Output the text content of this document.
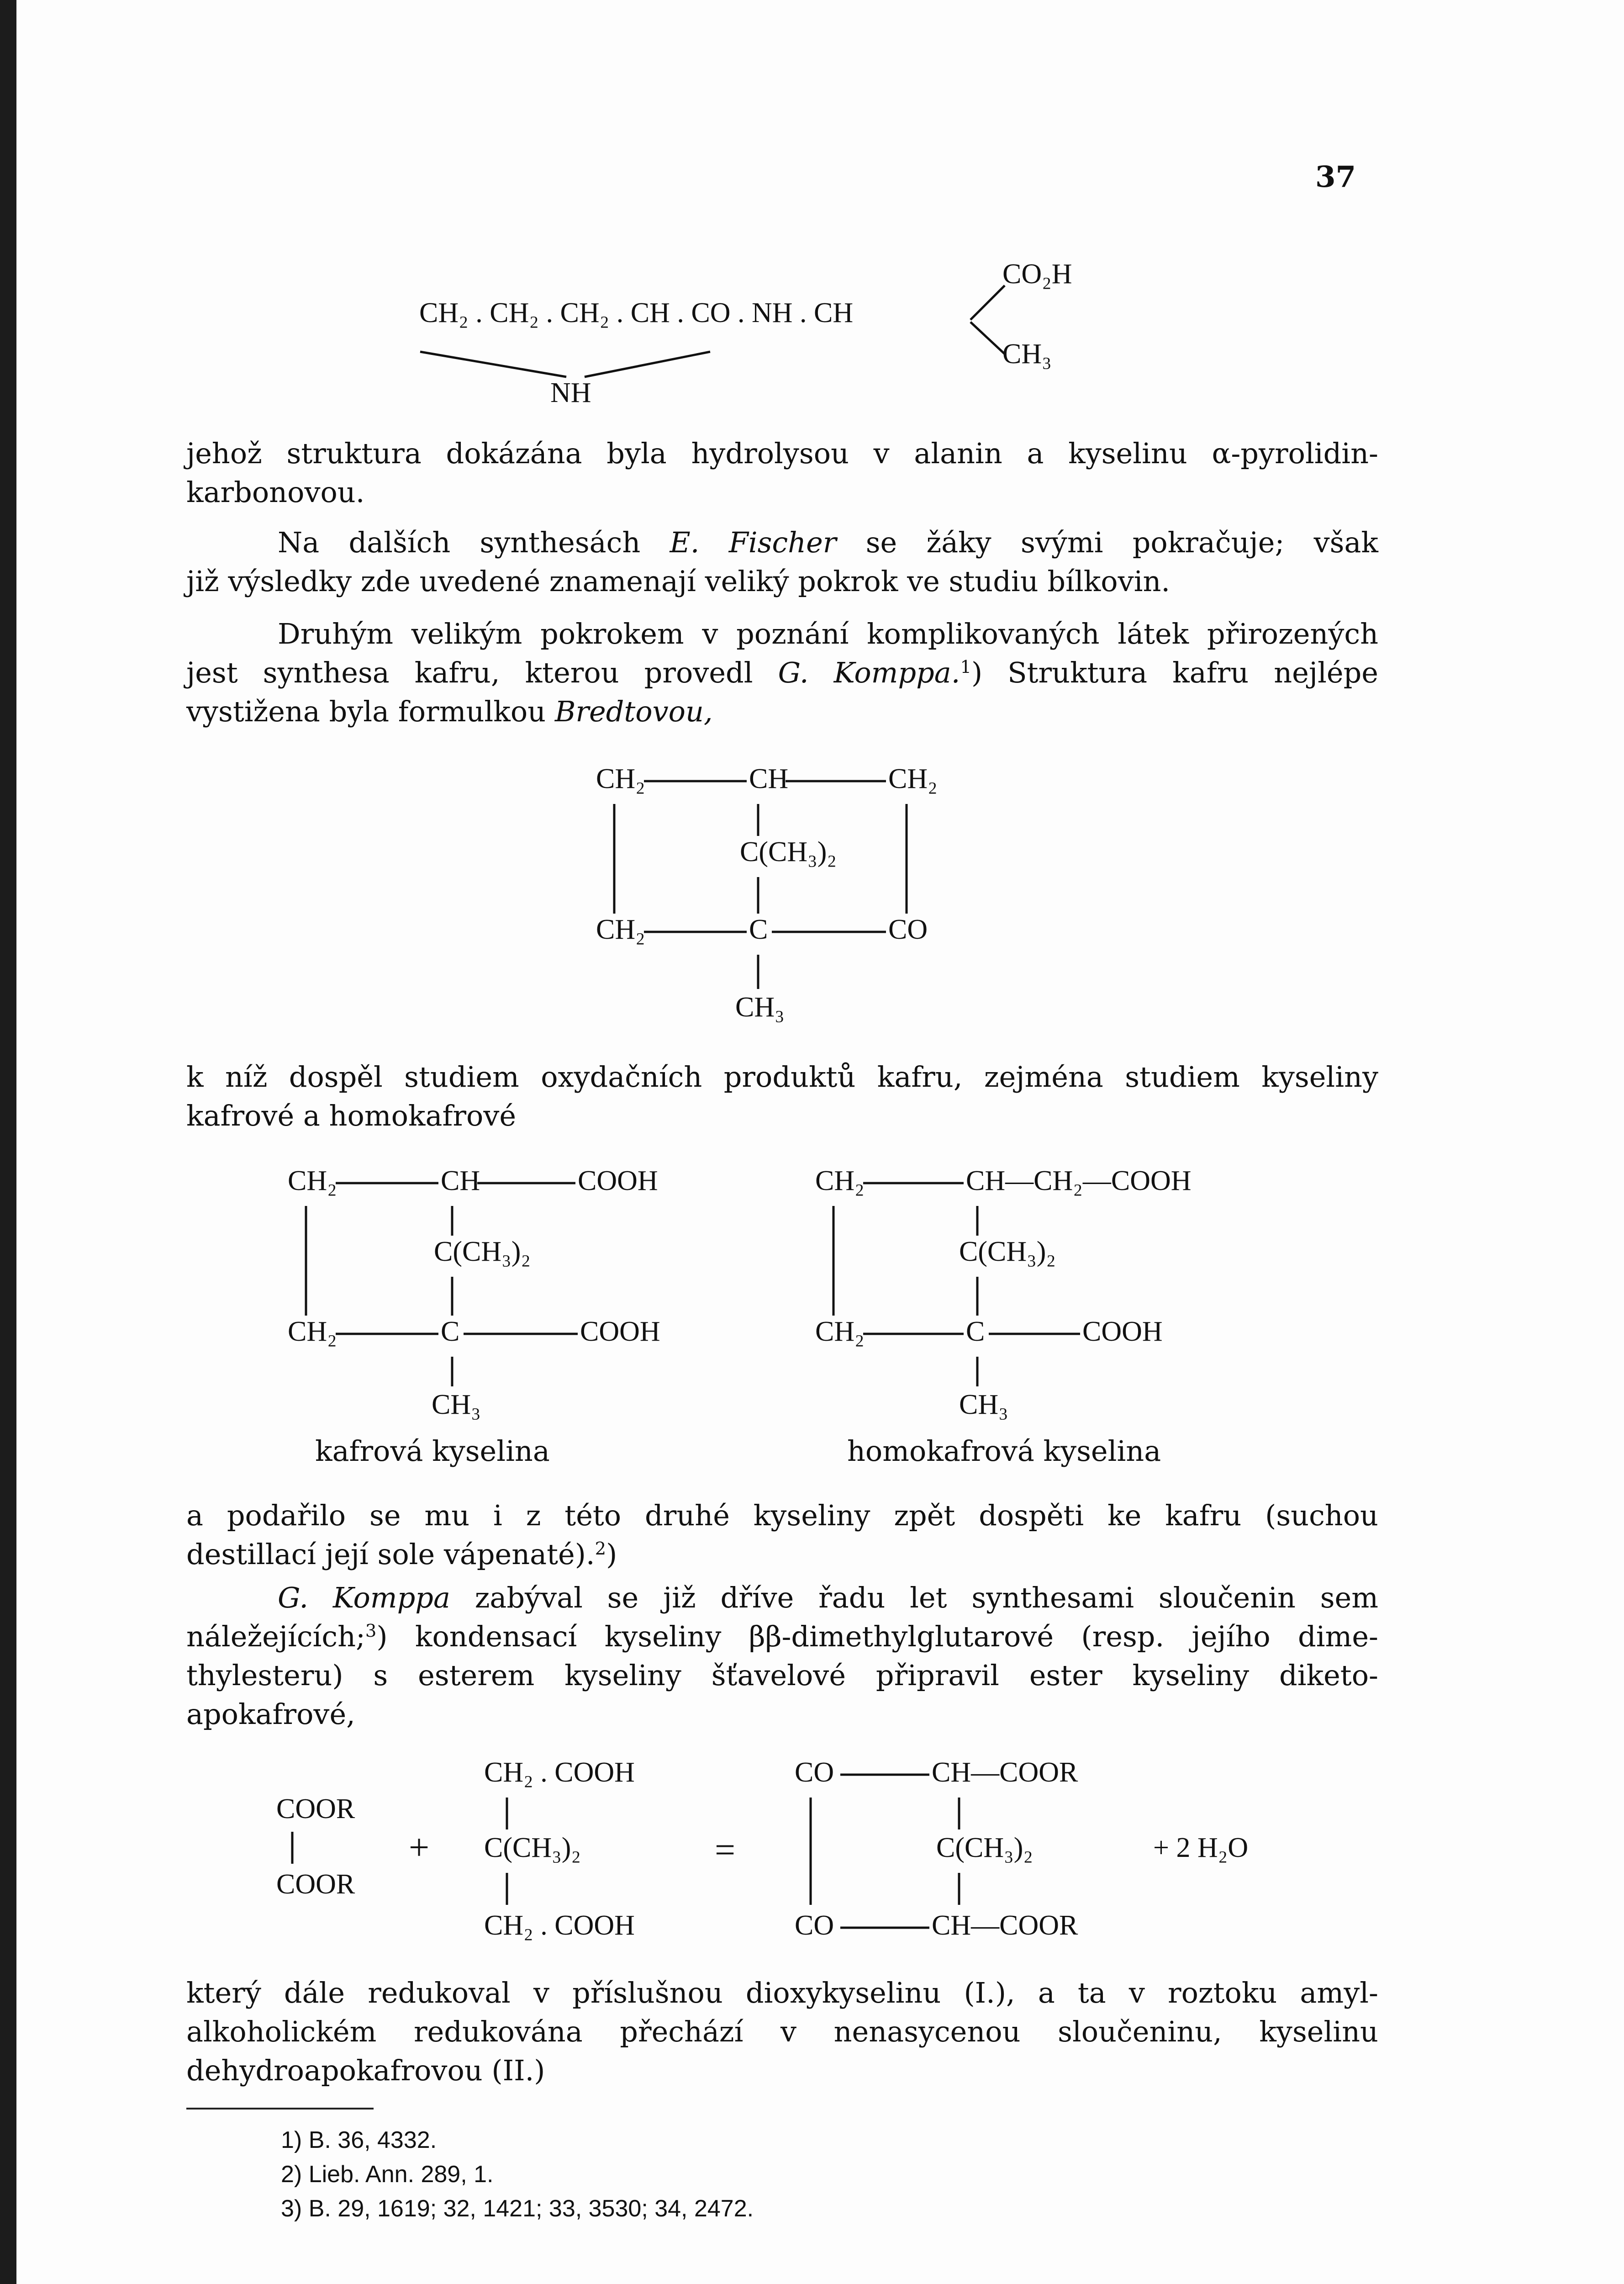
37
CH₂ . CH₂ . CH₂ . CH . CO . NH . CH
CO₂H
CH₃
NH
jehož struktura dokázána byla hydrolysou v alanin a kyselinu α-pyrolidin-
karbonovou.
Na dalších synthesách E. Fischer se žáky svými pokračuje; však
již výsledky zde uvedené znamenají veliký pokrok ve studiu bílkovin.
Druhým velikým pokrokem v poznání komplikovaných látek přirozených
jest synthesa kafru, kterou provedl G. Komppa.$^1$) Struktura kafru nejlépe
vystižena byla formulkou Bredtovou,
CH₂	CH	CH₂
C(CH₃)₂
CH₂	C	CO
CH₃
k níž dospěl studiem oxydačních produktů kafru, zejména studiem kyseliny
kafrové a homokafrové
CH₂	CH	COOH
C(CH₃)₂
CH₂	C	COOH
CH₃
kafrová kyselina
CH₂	CH—CH₂—COOH
C(CH₃)₂
CH₂	C	COOH
CH₃
homokafrová kyselina
a podařilo se mu i z této druhé kyseliny zpět dospěti ke kafru (suchou
destillací její sole vápenaté).$^2$)
G. Komppa zabýval se již dříve řadu let synthesami sloučenin sem
náležejících;$^3$) kondensací kyseliny ββ-dimethylglutarové (resp. jejího dime-
thylesteru) s esterem kyseliny šťavelové připravil ester kyseliny diketo-
apokafrové,
COOR
COOR
+
CH₂ . COOH
C(CH₃)₂
CH₂ . COOH
=
CO	CH—COOR
C(CH₃)₂
CO	CH—COOR
+ 2 H₂O
který dále redukoval v příslušnou dioxykyselinu (I.), a ta v roztoku amyl-
alkoholickém redukována přechází v nenasycenou sloučeninu, kyselinu
dehydroapokafrovou (II.)
1) B. 36, 4332.
2) Lieb. Ann. 289, 1.
3) B. 29, 1619; 32, 1421; 33, 3530; 34, 2472.
